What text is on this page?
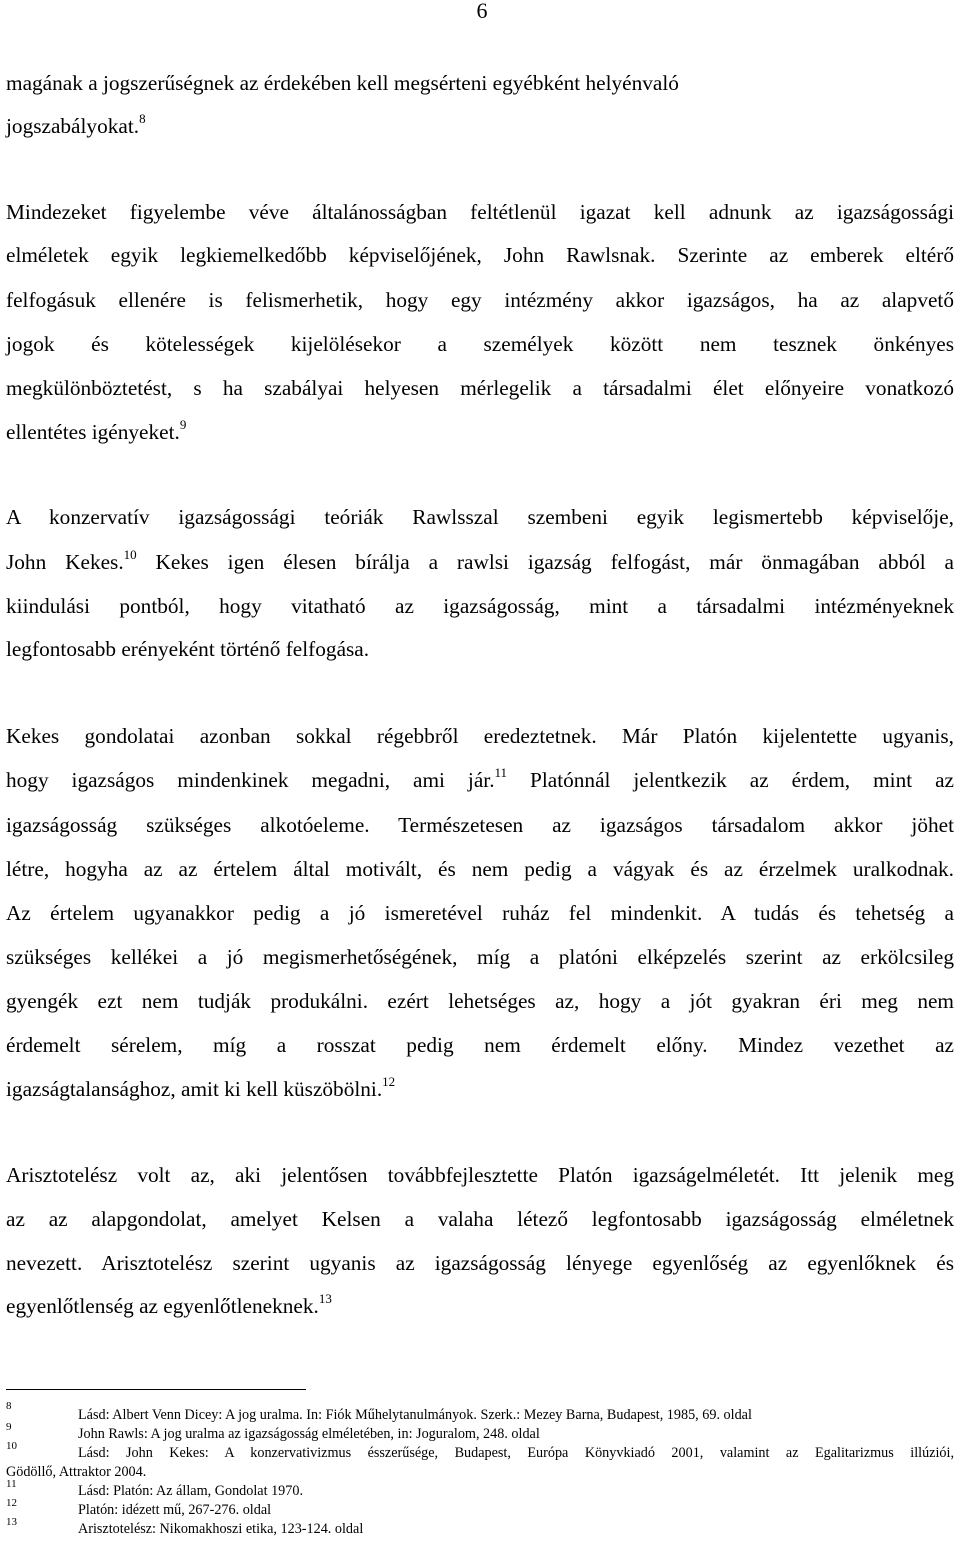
6
magának a jogszerűségnek az érdekében kell megsérteni egyébként helyénvaló
jogszabályokat.$^8$
Mindezeket figyelembe véve általánosságban feltétlenül igazat kell adnunk az igazságossági
elméletek egyik legkiemelkedőbb képviselőjének, John Rawlsnak. Szerinte az emberek eltérő
felfogásuk ellenére is felismerhetik, hogy egy intézmény akkor igazságos, ha az alapvető
jogok és kötelességek kijelölésekor a személyek között nem tesznek önkényes
megkülönböztetést, s ha szabályai helyesen mérlegelik a társadalmi élet előnyeire vonatkozó
ellentétes igényeket.$^9$
A konzervatív igazságossági teóriák Rawlsszal szembeni egyik legismertebb képviselője,
John Kekes.$^{10}$ Kekes igen élesen bírálja a rawlsi igazság felfogást, már önmagában abból a
kiindulási pontból, hogy vitatható az igazságosság, mint a társadalmi intézményeknek
legfontosabb erényeként történő felfogása.
Kekes gondolatai azonban sokkal régebbről eredeztetnek. Már Platón kijelentette ugyanis,
hogy igazságos mindenkinek megadni, ami jár.$^{11}$ Platónnál jelentkezik az érdem, mint az
igazságosság szükséges alkotóeleme. Természetesen az igazságos társadalom akkor jöhet
létre, hogyha az az értelem által motivált, és nem pedig a vágyak és az érzelmek uralkodnak.
Az értelem ugyanakkor pedig a jó ismeretével ruház fel mindenkit. A tudás és tehetség a
szükséges kellékei a jó megismerhetőségének, míg a platóni elképzelés szerint az erkölcsileg
gyengék ezt nem tudják produkálni. ezért lehetséges az, hogy a jót gyakran éri meg nem
érdemelt sérelem, míg a rosszat pedig nem érdemelt előny. Mindez vezethet az
igazságtalansághoz, amit ki kell küszöbölni.$^{12}$
Arisztotelész volt az, aki jelentősen továbbfejlesztette Platón igazságelméletét. Itt jelenik meg
az az alapgondolat, amelyet Kelsen a valaha létező legfontosabb igazságosság elméletnek
nevezett. Arisztotelész szerint ugyanis az igazságosság lényege egyenlőség az egyenlőknek és
egyenlőtlenség az egyenlőtleneknek.$^{13}$
8
Lásd: Albert Venn Dicey: A jog uralma. In: Fiók Műhelytanulmányok. Szerk.: Mezey Barna, Budapest, 1985, 69. oldal
9	John Rawls: A jog uralma az igazságosság elméletében, in: Joguralom, 248. oldal
10	Lásd: John Kekes: A konzervativizmus ésszerűsége, Budapest, Európa Könyvkiadó 2001, valamint az Egalitarizmus illúziói,
Gödöllő, Attraktor 2004.
11	Lásd: Platón: Az állam, Gondolat 1970.
12	Platón: idézett mű, 267-276. oldal
13	Arisztotelész: Nikomakhoszi etika, 123-124. oldal
